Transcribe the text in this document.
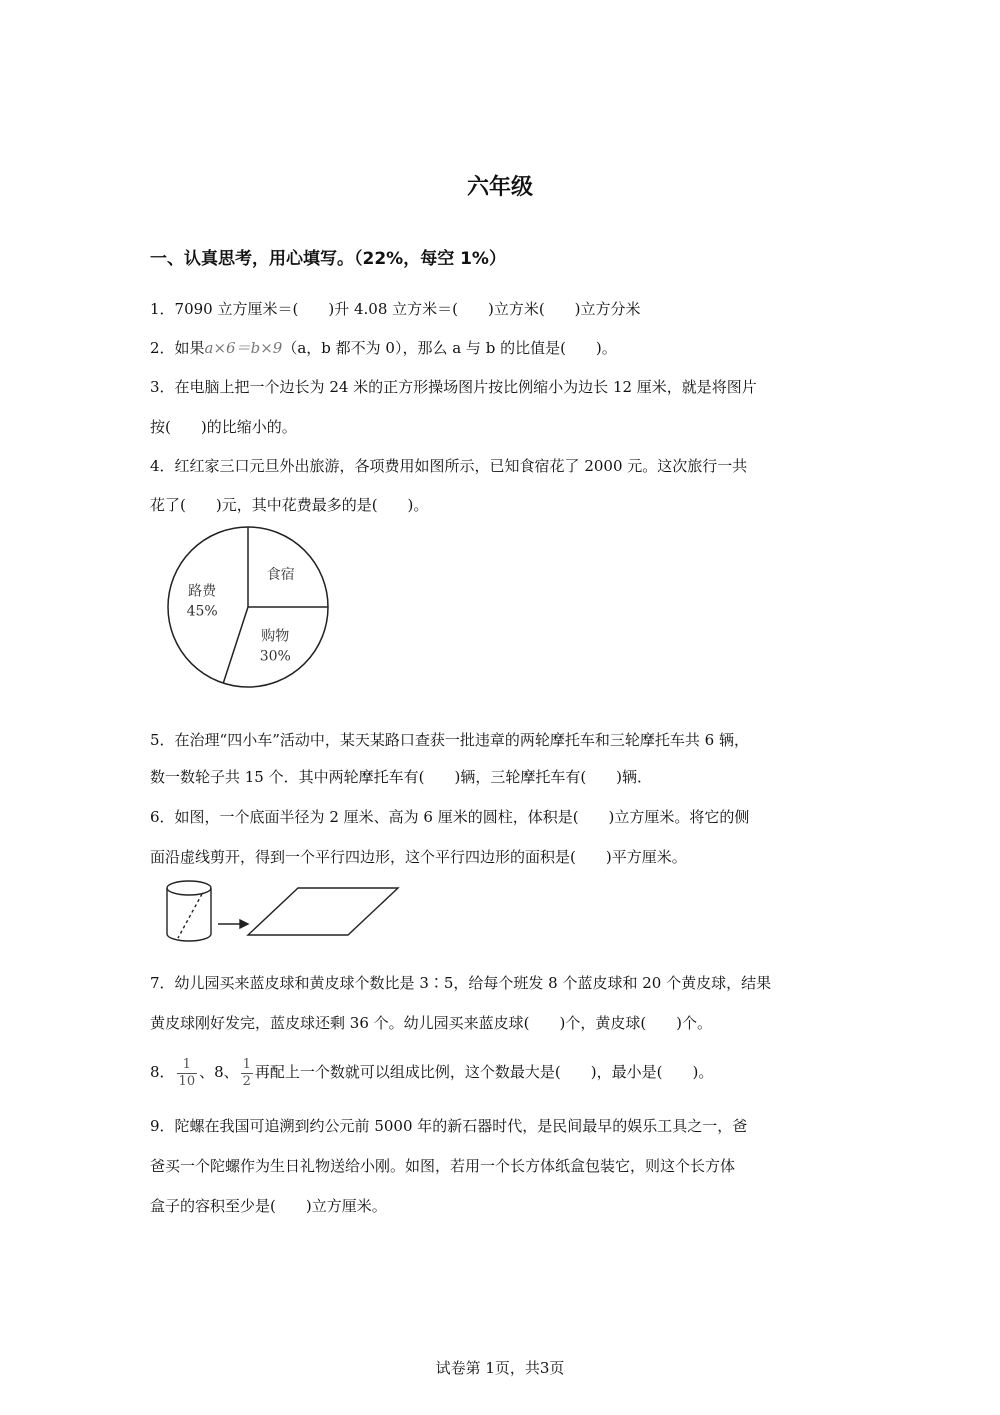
六年级
一、认真思考，用心填写。（22%，每空 1%）
1．7090 立方厘米＝(　　)升 4.08 立方米＝(　　)立方米(　　)立方分米
2．如果a×6＝b×9（a，b 都不为 0），那么 a 与 b 的比值是(　　)。
3．在电脑上把一个边长为 24 米的正方形操场图片按比例缩小为边长 12 厘米，就是将图片
按(　　)的比缩小的。
4．红红家三口元旦外出旅游，各项费用如图所示，已知食宿花了 2000 元。这次旅行一共
花了(　　)元，其中花费最多的是(　　)。
食宿
购物
30%
路费
45%
5．在治理“四小车”活动中，某天某路口查获一批违章的两轮摩托车和三轮摩托车共 6 辆，
数一数轮子共 15 个．其中两轮摩托车有(　　)辆，三轮摩托车有(　　)辆．
6．如图，一个底面半径为 2 厘米、高为 6 厘米的圆柱，体积是(　　)立方厘米。将它的侧
面沿虚线剪开，得到一个平行四边形，这个平行四边形的面积是(　　)平方厘米。
7．幼儿园买来蓝皮球和黄皮球个数比是 3∶5，给每个班发 8 个蓝皮球和 20 个黄皮球，结果
黄皮球刚好发完，蓝皮球还剩 36 个。幼儿园买来蓝皮球(　　)个，黄皮球(　　)个。
8． $\frac{1}{10}$ 、8、 $\frac{1}{2}$ 再配上一个数就可以组成比例，这个数最大是(　　)，最小是(　　)。
9．陀螺在我国可追溯到约公元前 5000 年的新石器时代，是民间最早的娱乐工具之一，爸
爸买一个陀螺作为生日礼物送给小刚。如图，若用一个长方体纸盒包装它，则这个长方体
盒子的容积至少是(　　)立方厘米。
试卷第 1页，共3页
